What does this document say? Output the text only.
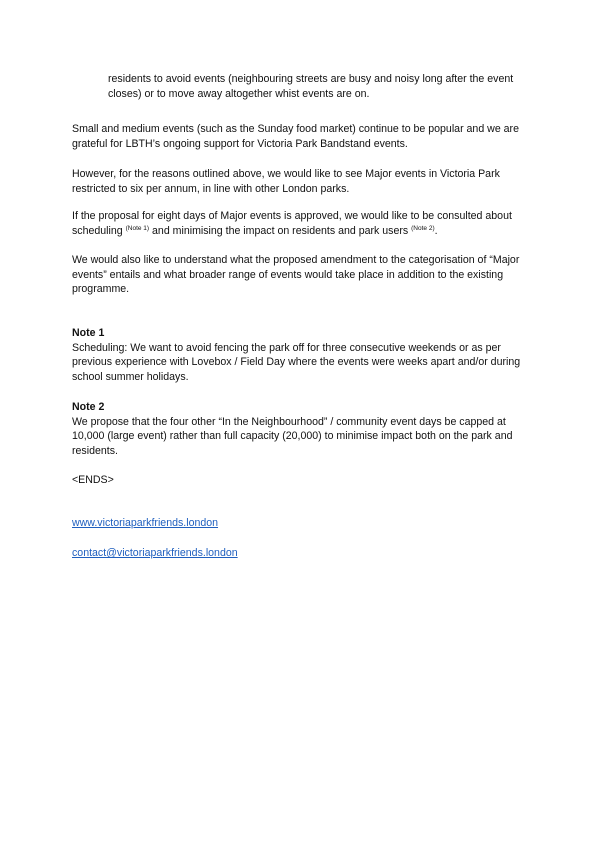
residents to avoid events (neighbouring streets are busy and noisy long after the event closes) or to move away altogether whist events are on.

Small and medium events (such as the Sunday food market) continue to be popular and we are grateful for LBTH’s ongoing support for Victoria Park Bandstand events.

However, for the reasons outlined above, we would like to see Major events in Victoria Park restricted to six per annum, in line with other London parks.

If the proposal for eight days of Major events is approved, we would like to be consulted about scheduling $^{(Note 1)}$ and minimising the impact on residents and park users $^{(Note 2)}$.

We would also like to understand what the proposed amendment to the categorisation of “Major events” entails and what broader range of events would take place in addition to the existing programme.

Note 1
Scheduling: We want to avoid fencing the park off for three consecutive weekends or as per previous experience with Lovebox / Field Day where the events were weeks apart and/or during school summer holidays.

Note 2
We propose that the four other “In the Neighbourhood” / community event days be capped at 10,000 (large event) rather than full capacity (20,000) to minimise impact both on the park and residents.

<ENDS>

www.victoriaparkfriends.london

contact@victoriaparkfriends.london
